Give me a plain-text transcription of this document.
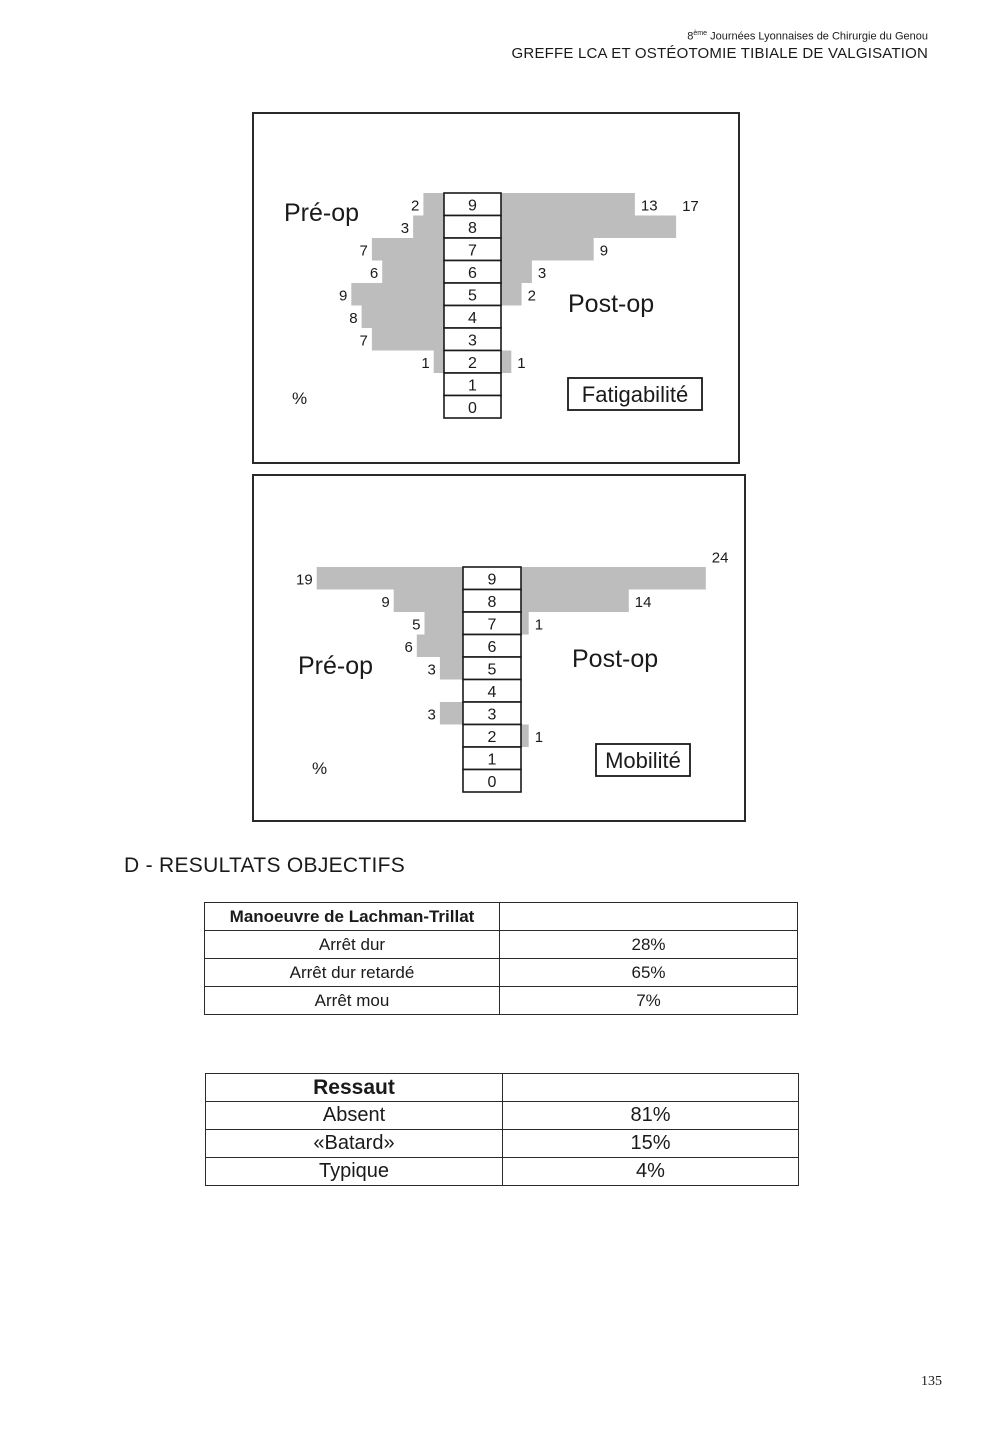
8ème Journées Lyonnaises de Chirurgie du Genou
GREFFE LCA ET OSTÉOTOMIE TIBIALE DE VALGISATION
2	13
3
17
7	9
6	3
9	2
8
7
1	1
9
8
7
6
5
4
3
2
1
0
Pré-op
Post-op
%	Fatigabilité
19
24
9	14
5	1
6
3
3
1
9
8
7
6
5
4
3
2
1
0
Pré-op	Post-op
%	Mobilité
D - RESULTATS OBJECTIFS
Manoeuvre de Lachman-Trillat	
Arrêt dur	28%
Arrêt dur retardé	65%
Arrêt mou	7%
Ressaut	
Absent	81%
«Batard»	15%
Typique	4%
135
